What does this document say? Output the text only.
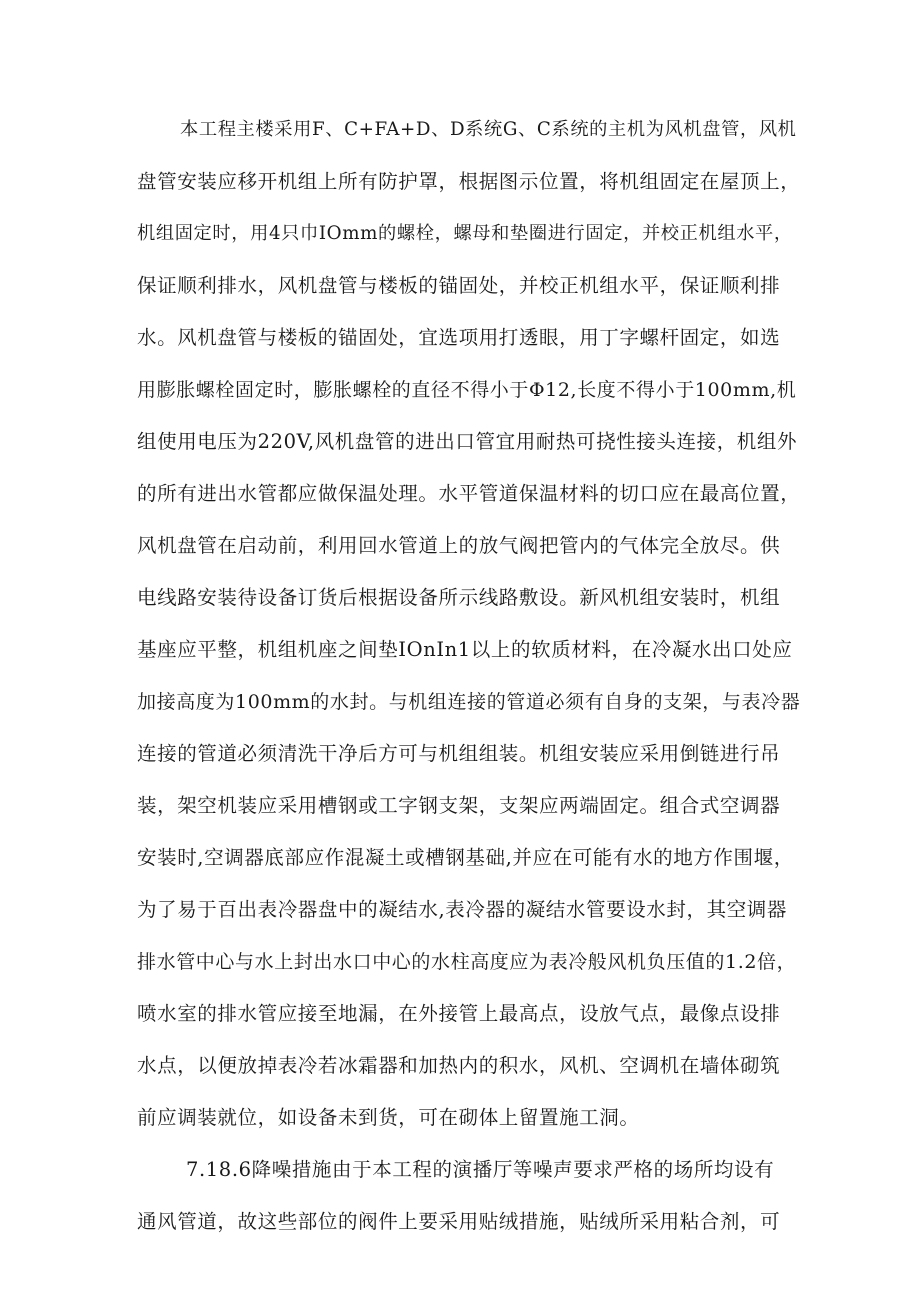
本工程主楼采用F、C+FA+D、D系统G、C系统的主机为风机盘管，风机
盘管安装应移开机组上所有防护罩，根据图示位置，将机组固定在屋顶上，
机组固定时，用4只巾IOmm的螺栓，螺母和垫圈进行固定，并校正机组水平，
保证顺利排水，风机盘管与楼板的锚固处，并校正机组水平，保证顺利排
水。风机盘管与楼板的锚固处，宜选项用打透眼，用丁字螺杆固定，如选
用膨胀螺栓固定时，膨胀螺栓的直径不得小于Φ12,长度不得小于100mm,机
组使用电压为220V,风机盘管的进出口管宜用耐热可挠性接头连接，机组外
的所有进出水管都应做保温处理。水平管道保温材料的切口应在最高位置，
风机盘管在启动前，利用回水管道上的放气阀把管内的气体完全放尽。供
电线路安装待设备订货后根据设备所示线路敷设。新风机组安装时，机组
基座应平整，机组机座之间垫IOnIn1以上的软质材料，在冷凝水出口处应
加接高度为100mm的水封。与机组连接的管道必须有自身的支架，与表冷器
连接的管道必须清洗干净后方可与机组组装。机组安装应采用倒链进行吊
装，架空机装应采用槽钢或工字钢支架，支架应两端固定。组合式空调器
安装时,空调器底部应作混凝土或槽钢基础,并应在可能有水的地方作围堰，
为了易于百出表冷器盘中的凝结水,表冷器的凝结水管要设水封，其空调器
排水管中心与水上封出水口中心的水柱高度应为表冷般风机负压值的1.2倍，
喷水室的排水管应接至地漏，在外接管上最高点，设放气点，最像点设排
水点，以便放掉表冷若冰霜器和加热内的积水，风机、空调机在墙体砌筑
前应调装就位，如设备未到货，可在砌体上留置施工洞。
7.18.6降噪措施由于本工程的演播厅等噪声要求严格的场所均设有
通风管道，故这些部位的阀件上要采用贴绒措施，贴绒所采用粘合剂，可
